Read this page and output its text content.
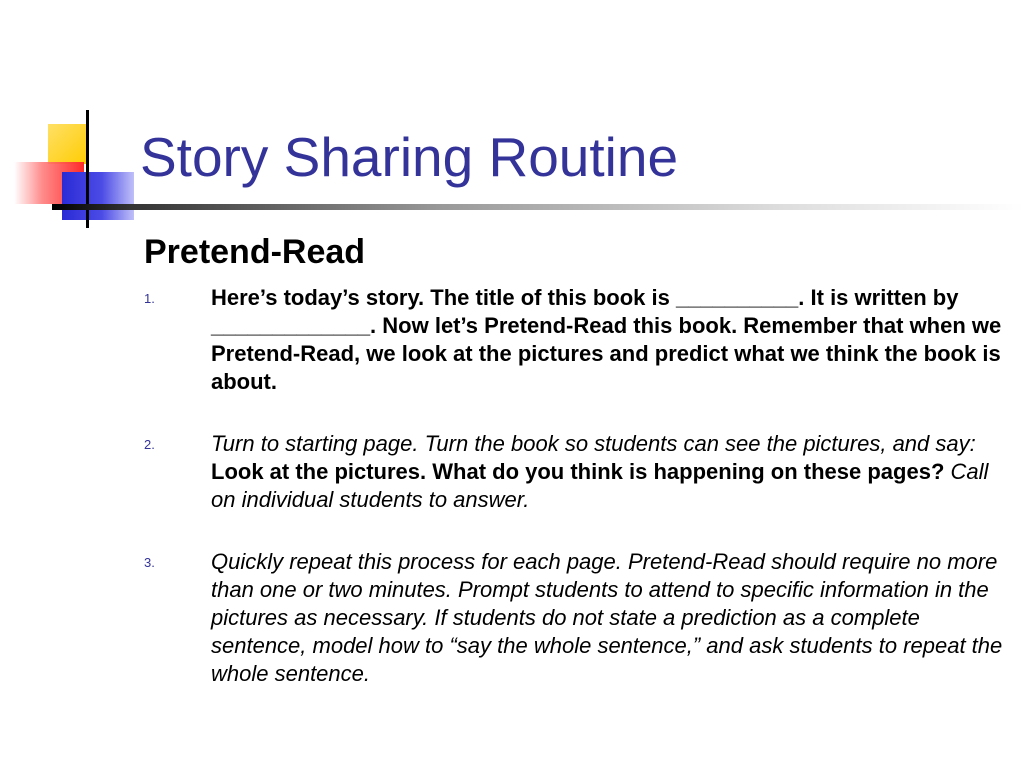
Story Sharing Routine
Pretend-Read
1.	Here’s today’s story. The title of this book is __________. It is written by _____________. Now let’s Pretend-Read this book. Remember that when we Pretend-Read, we look at the pictures and predict what we think the book is about.
2.	Turn to starting page. Turn the book so students can see the pictures, and say: Look at the pictures. What do you think is happening on these pages? Call on individual students to answer.
3.	Quickly repeat this process for each page. Pretend-Read should require no more than one or two minutes. Prompt students to attend to specific information in the pictures as necessary. If students do not state a prediction as a complete sentence, model how to “say the whole sentence,” and ask students to repeat the whole sentence.
